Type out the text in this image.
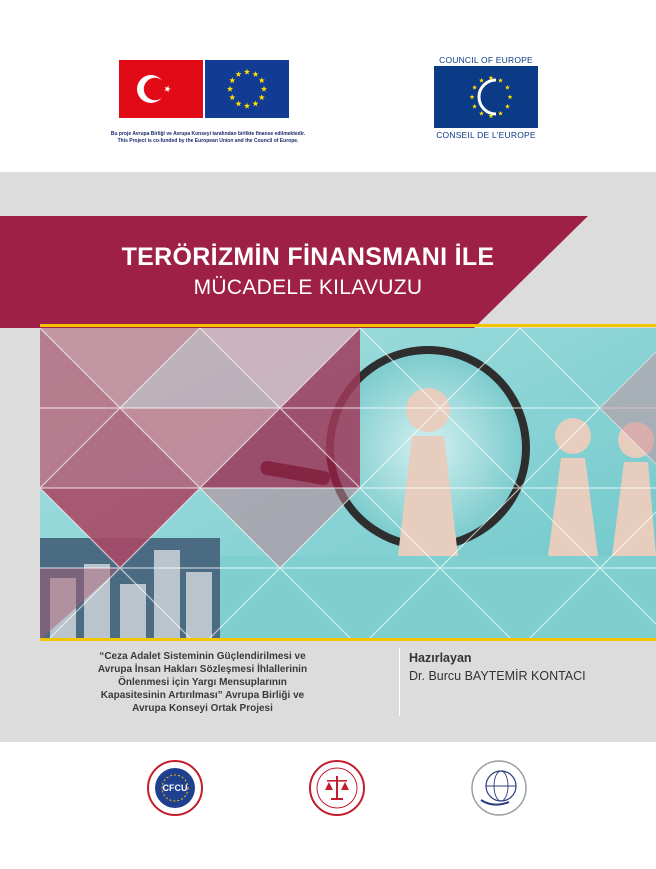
Bu proje Avrupa Birliği ve Avrupa Konseyi tarafından birlikte finanse edilmektedir.
This Project is co-funded by the European Union and the Council of Europe.
COUNCIL OF EUROPE
CONSEIL DE L'EUROPE
TERÖRİZMİN FİNANSMANI İLE
MÜCADELE KILAVUZU
“Ceza Adalet Sisteminin Güçlendirilmesi ve
Avrupa İnsan Hakları Sözleşmesi İhlallerinin
Önlenmesi için Yargı Mensuplarının
Kapasitesinin Artırılması” Avrupa Birliği ve
Avrupa Konseyi Ortak Projesi
Hazırlayan
Dr. Burcu BAYTEMİR KONTACI
CFCU
